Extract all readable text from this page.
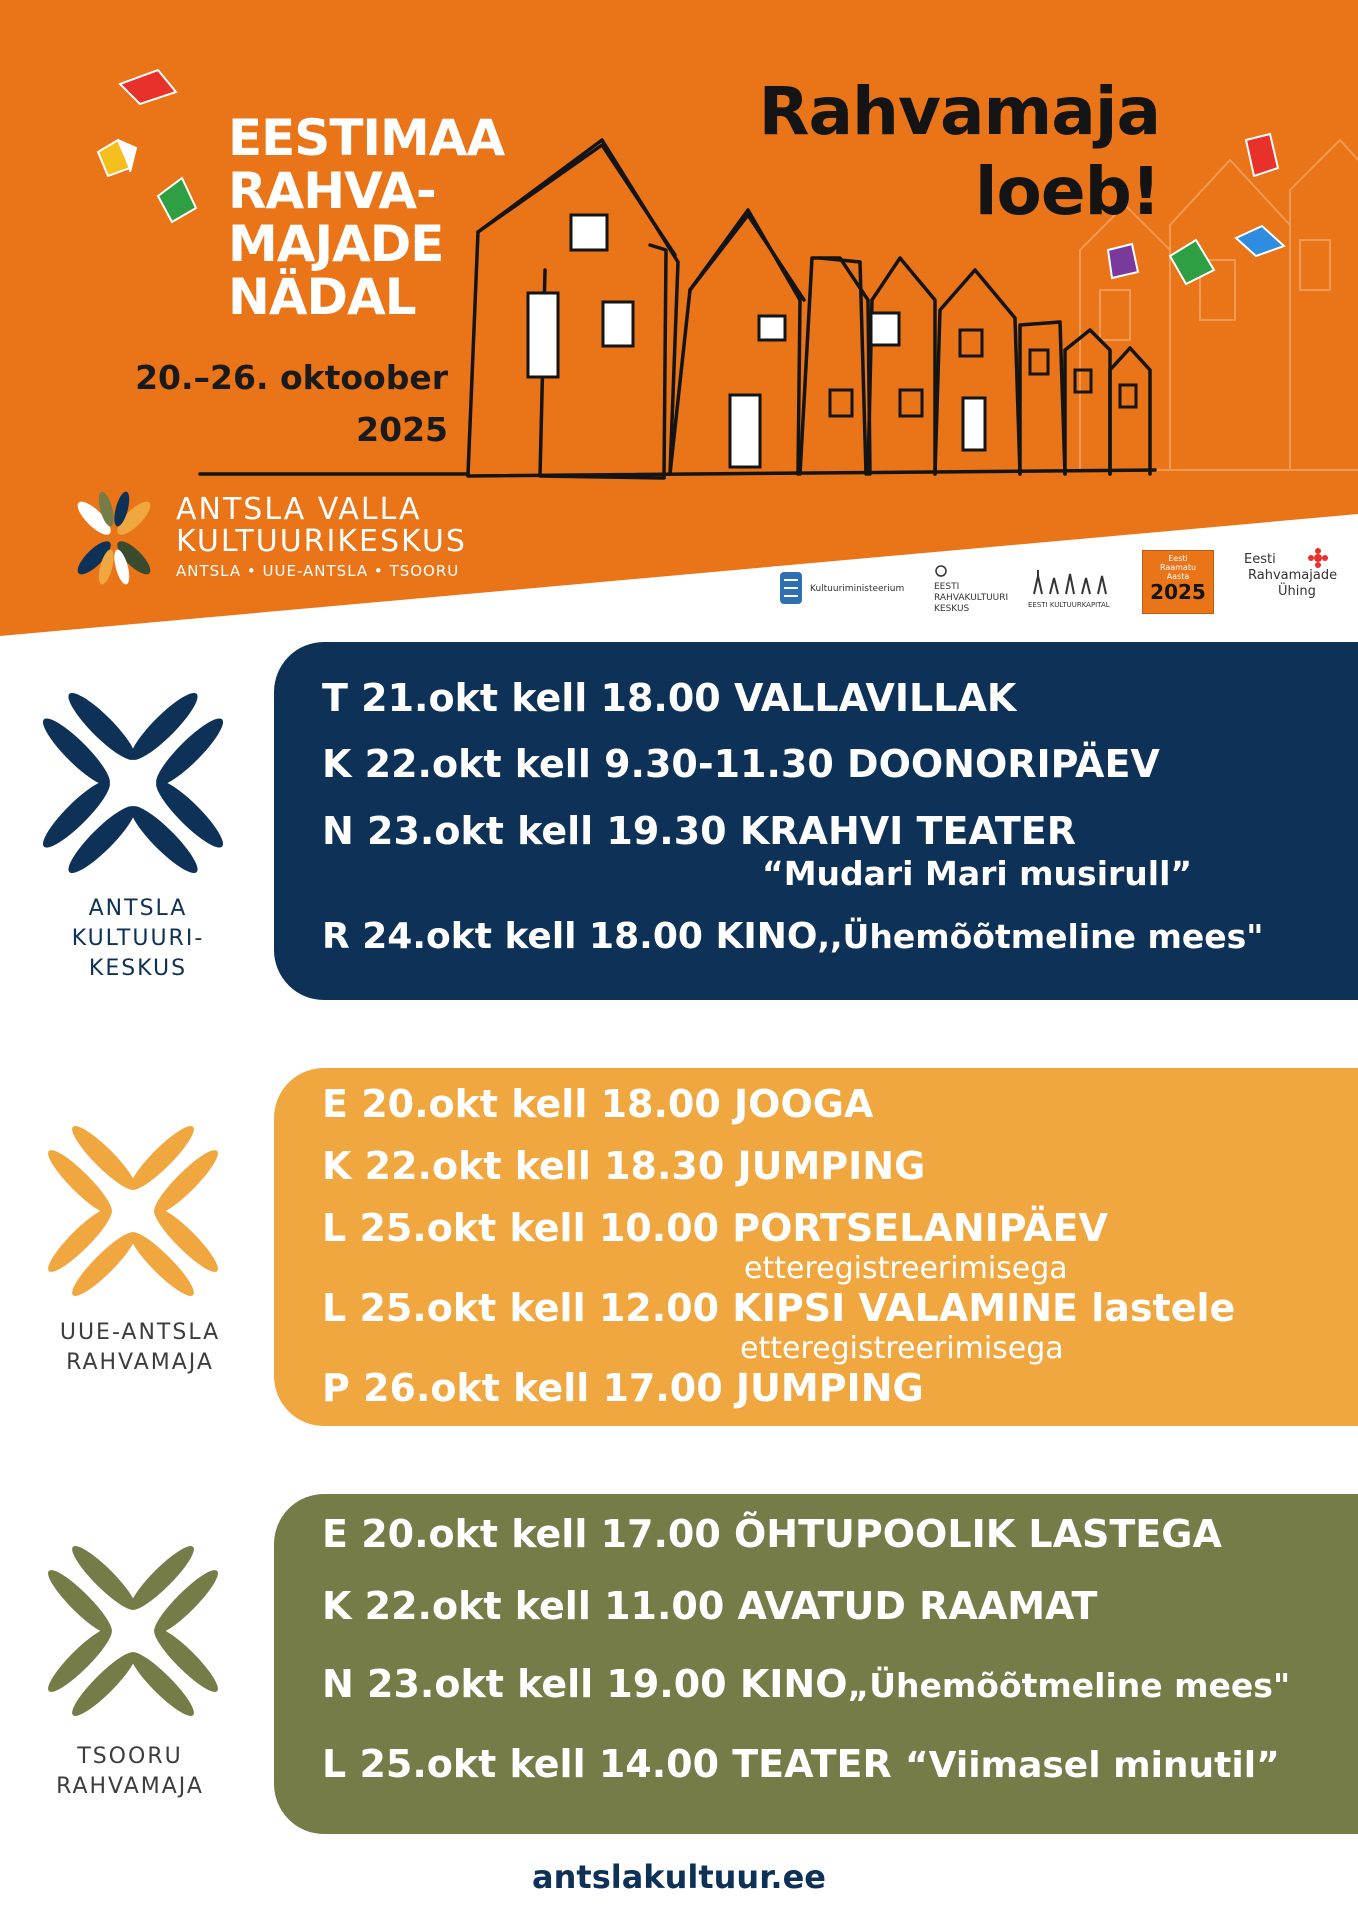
EESTIMAA
RAHVA-
MAJADE
NÄDAL
20.–26. oktoober
2025
Rahvamaja
loeb!
ANTSLA VALLA
KULTUURIKESKUS
ANTSLA • UUE-ANTSLA • TSOORU
Kultuuriministeerium	EESTI
RAHVAKULTUURI
KESKUS	EESTI KULTUURKAPITAL
Eesti
Raamatu
Aasta
2025
Eesti
Rahvamajade
Ühing
ANTSLA
KULTUURI-
KESKUS
T 21.okt kell 18.00 VALLAVILLAK
K 22.okt kell 9.30-11.30 DOONORIPÄEV
N 23.okt kell 19.30 KRAHVI TEATER
“Mudari Mari musirull”
R 24.okt kell 18.00 KINO,,Ühemõõtmeline mees"
UUE-ANTSLA
RAHVAMAJA
E 20.okt kell 18.00 JOOGA
K 22.okt kell 18.30 JUMPING
L 25.okt kell 10.00 PORTSELANIPÄEV
etteregistreerimisega
L 25.okt kell 12.00 KIPSI VALAMINE lastele
etteregistreerimisega
P 26.okt kell 17.00 JUMPING
TSOORU
RAHVAMAJA
E 20.okt kell 17.00 ÕHTUPOOLIK LASTEGA
K 22.okt kell 11.00 AVATUD RAAMAT
N 23.okt kell 19.00 KINO„Ühemõõtmeline mees"
L 25.okt kell 14.00 TEATER “Viimasel minutil”
antslakultuur.ee
